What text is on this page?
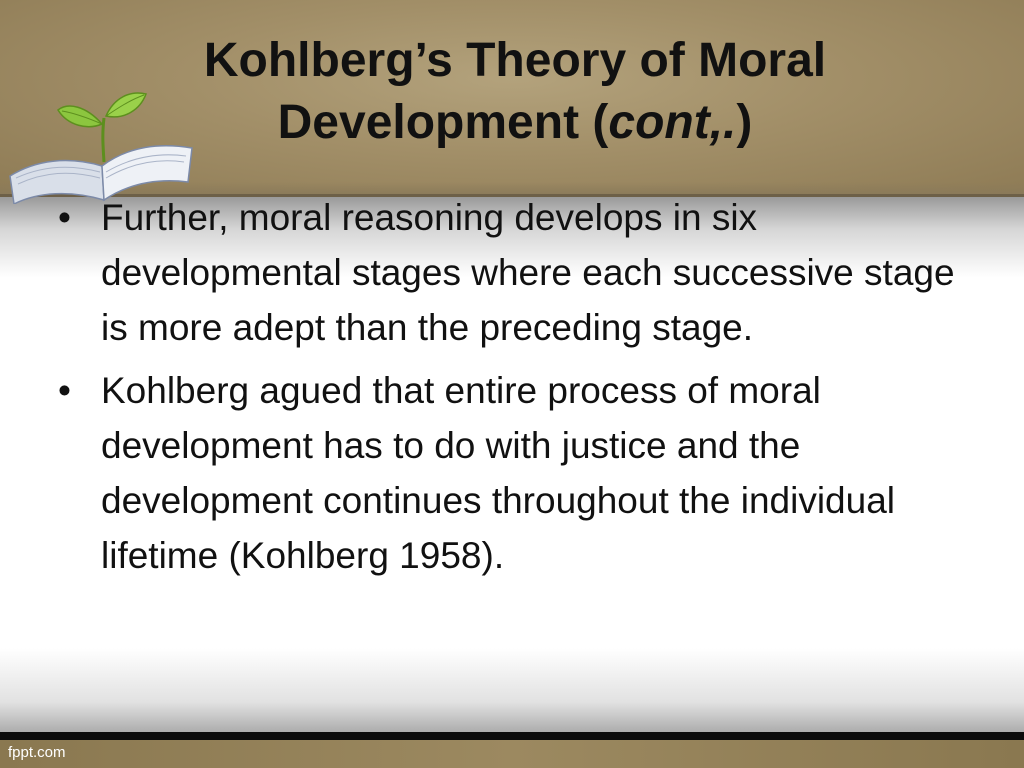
fppt.com
Kohlberg’s Theory of Moral
Development (cont,.)
• Further, moral reasoning develops in six developmental stages where each successive stage is more adept than the preceding stage.
• Kohlberg agued that entire process of moral development has to do with justice and the development continues throughout the individual lifetime (Kohlberg 1958).
